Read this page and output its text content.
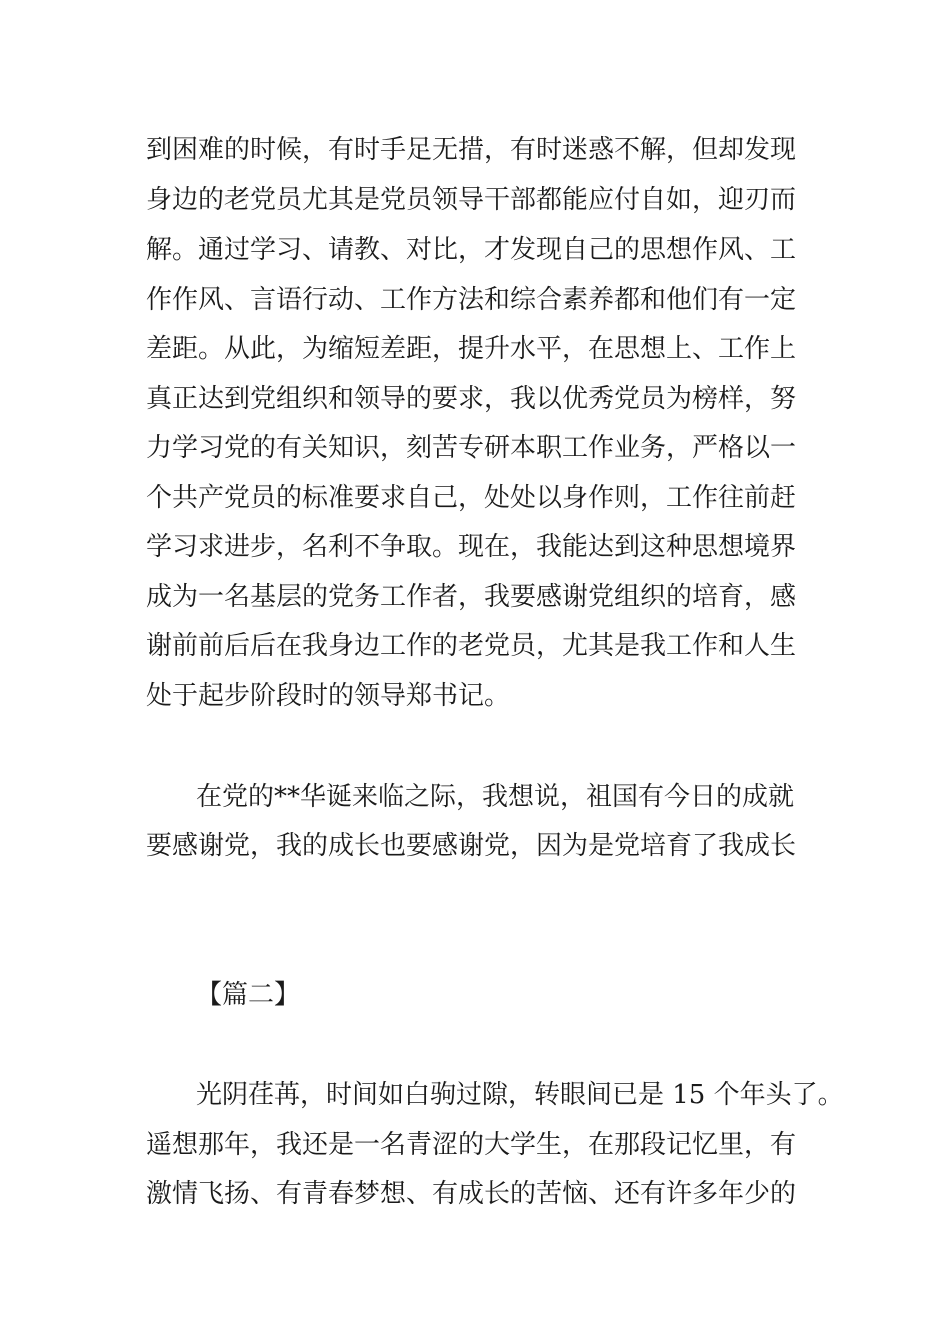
到困难的时候，有时手足无措，有时迷惑不解，但却发现
身边的老党员尤其是党员领导干部都能应付自如，迎刃而
解。通过学习、请教、对比，才发现自己的思想作风、工
作作风、言语行动、工作方法和综合素养都和他们有一定
差距。从此，为缩短差距，提升水平，在思想上、工作上
真正达到党组织和领导的要求，我以优秀党员为榜样，努
力学习党的有关知识，刻苦专研本职工作业务，严格以一
个共产党员的标准要求自己，处处以身作则，工作往前赶
学习求进步，名利不争取。现在，我能达到这种思想境界
成为一名基层的党务工作者，我要感谢党组织的培育，感
谢前前后后在我身边工作的老党员，尤其是我工作和人生
处于起步阶段时的领导郑书记。
在党的**华诞来临之际，我想说，祖国有今日的成就
要感谢党，我的成长也要感谢党，因为是党培育了我成长
【篇二】
光阴荏苒，时间如白驹过隙，转眼间已是 15 个年头了。
遥想那年，我还是一名青涩的大学生，在那段记忆里，有
激情飞扬、有青春梦想、有成长的苦恼、还有许多年少的
